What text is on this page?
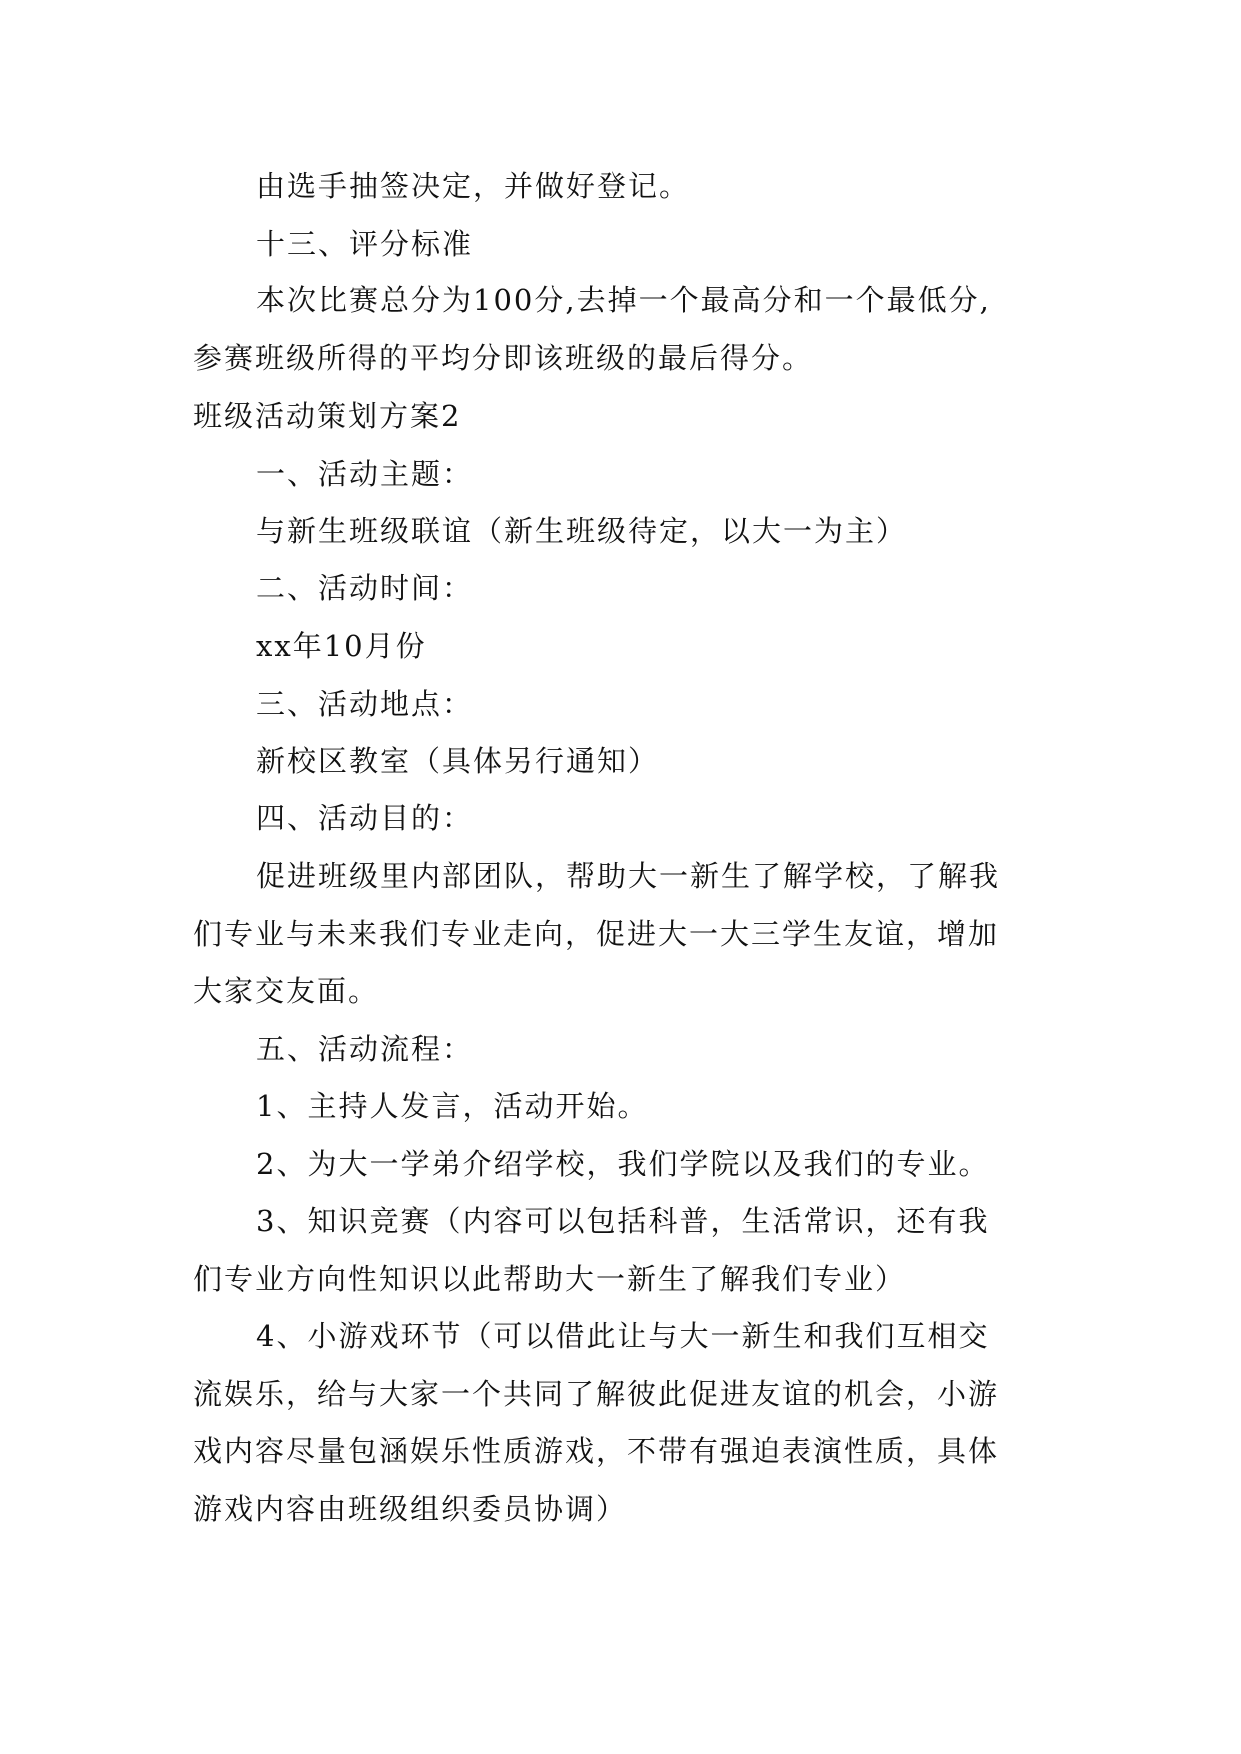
由选手抽签决定，并做好登记。
十三、评分标准
本次比赛总分为100分,去掉一个最高分和一个最低分,
参赛班级所得的平均分即该班级的最后得分。
班级活动策划方案2
一、活动主题：
与新生班级联谊（新生班级待定，以大一为主）
二、活动时间：
xx年10月份
三、活动地点：
新校区教室（具体另行通知）
四、活动目的：
促进班级里内部团队，帮助大一新生了解学校，了解我
们专业与未来我们专业走向，促进大一大三学生友谊，增加
大家交友面。
五、活动流程：
1、主持人发言，活动开始。
2、为大一学弟介绍学校，我们学院以及我们的专业。
3、知识竞赛（内容可以包括科普，生活常识，还有我
们专业方向性知识以此帮助大一新生了解我们专业）
4、小游戏环节（可以借此让与大一新生和我们互相交
流娱乐，给与大家一个共同了解彼此促进友谊的机会，小游
戏内容尽量包涵娱乐性质游戏，不带有强迫表演性质，具体
游戏内容由班级组织委员协调）
